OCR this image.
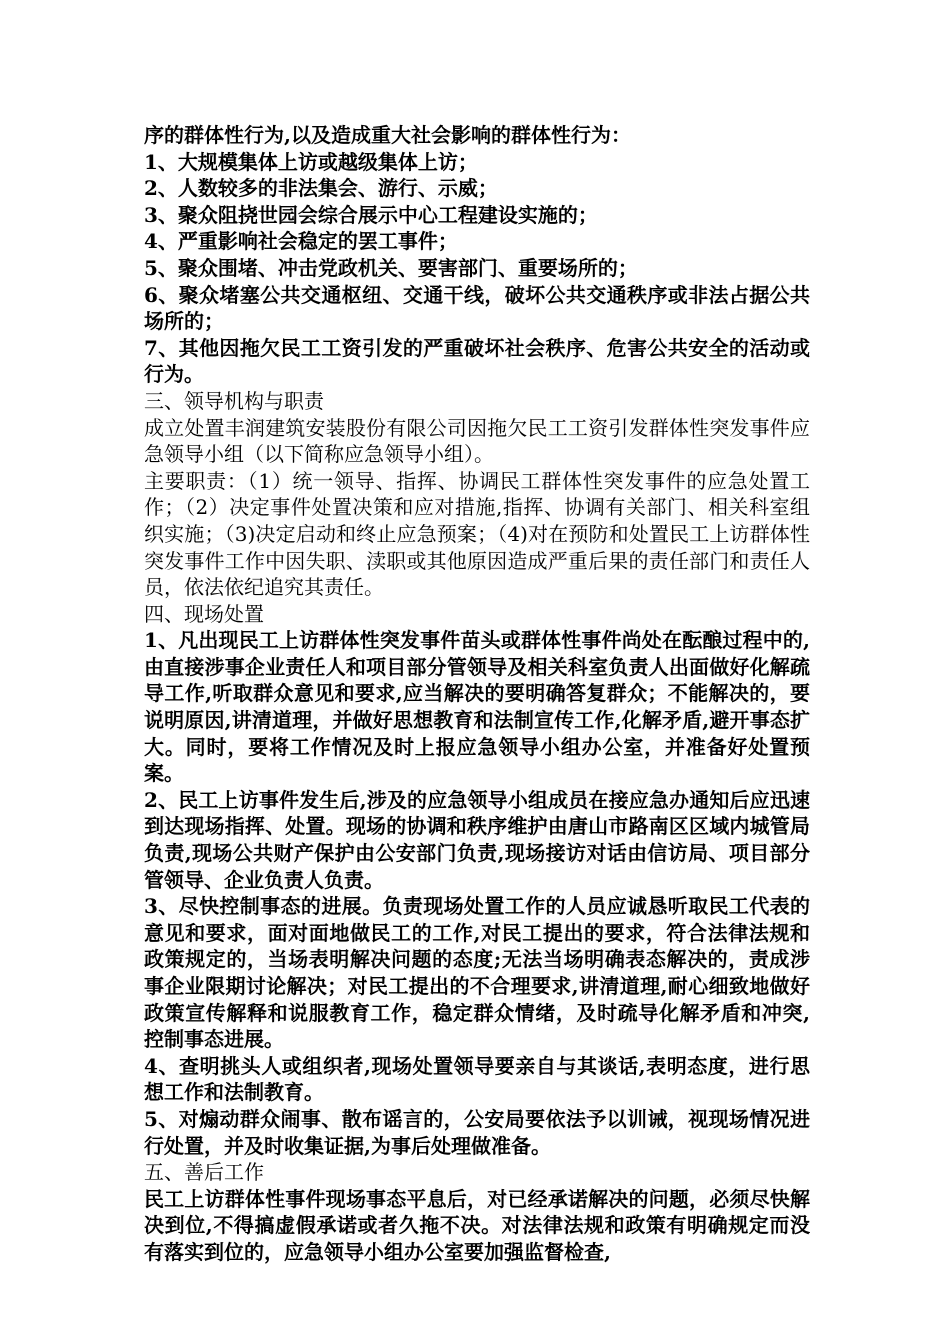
序的群体性行为,以及造成重大社会影响的群体性行为：

1、大规模集体上访或越级集体上访；

2、人数较多的非法集会、游行、示威；

3、聚众阻挠世园会综合展示中心工程建设实施的；

4、严重影响社会稳定的罢工事件；

5、聚众围堵、冲击党政机关、要害部门、重要场所的；

6、聚众堵塞公共交通枢纽、交通干线，破坏公共交通秩序或非法占据公共场所的；

7、其他因拖欠民工工资引发的严重破坏社会秩序、危害公共安全的活动或行为。

三、领导机构与职责

成立处置丰润建筑安装股份有限公司因拖欠民工工资引发群体性突发事件应急领导小组（以下简称应急领导小组）。

主要职责：（1）统一领导、指挥、协调民工群体性突发事件的应急处置工作；（2）决定事件处置决策和应对措施,指挥、协调有关部门、相关科室组织实施；（3)决定启动和终止应急预案；（4)对在预防和处置民工上访群体性突发事件工作中因失职、渎职或其他原因造成严重后果的责任部门和责任人员，依法依纪追究其责任。

四、现场处置

1、凡出现民工上访群体性突发事件苗头或群体性事件尚处在酝酿过程中的,由直接涉事企业责任人和项目部分管领导及相关科室负责人出面做好化解疏导工作,听取群众意见和要求,应当解决的要明确答复群众；不能解决的，要说明原因,讲清道理，并做好思想教育和法制宣传工作,化解矛盾,避开事态扩大。同时，要将工作情况及时上报应急领导小组办公室，并准备好处置预案。

2、民工上访事件发生后,涉及的应急领导小组成员在接应急办通知后应迅速到达现场指挥、处置。现场的协调和秩序维护由唐山市路南区区域内城管局负责,现场公共财产保护由公安部门负责,现场接访对话由信访局、项目部分管领导、企业负责人负责。

3、尽快控制事态的进展。负责现场处置工作的人员应诚恳听取民工代表的意见和要求，面对面地做民工的工作,对民工提出的要求，符合法律法规和政策规定的，当场表明解决问题的态度;无法当场明确表态解决的，责成涉事企业限期讨论解决；对民工提出的不合理要求,讲清道理,耐心细致地做好政策宣传解释和说服教育工作，稳定群众情绪，及时疏导化解矛盾和冲突,控制事态进展。

4、查明挑头人或组织者,现场处置领导要亲自与其谈话,表明态度，进行思想工作和法制教育。

5、对煽动群众闹事、散布谣言的，公安局要依法予以训诫，视现场情况进行处置，并及时收集证据,为事后处理做准备。

五、善后工作

民工上访群体性事件现场事态平息后，对已经承诺解决的问题，必须尽快解决到位,不得搞虚假承诺或者久拖不决。对法律法规和政策有明确规定而没有落实到位的，应急领导小组办公室要加强监督检查,
